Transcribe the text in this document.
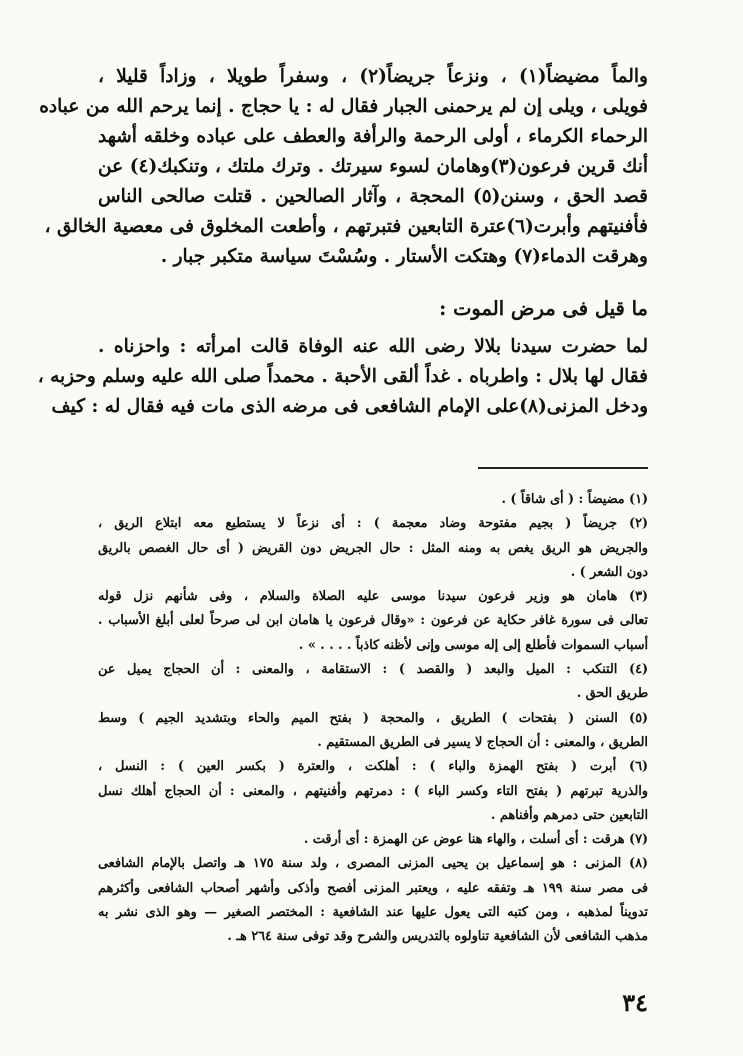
والماً مضيضاً(١) ، ونزعاً جريضاً(٢) ، وسفراً طويلا ، وزاداً قليلا ،
فويلى ، ويلى إن لم يرحمنى الجبار فقال له : يا حجاج . إنما يرحم الله من عباده
الرحماء الكرماء ، أولى الرحمة والرأفة والعطف على عباده وخلقه أشهد
أنك قرين فرعون(٣)وهامان لسوء سيرتك . وترك ملتك ، وتنكبك(٤) عن
قصد الحق ، وسنن(٥) المحجة ، وآثار الصالحين . قتلت صالحى الناس
فأفنيتهم وأبرت(٦)عترة التابعين فتبرتهم ، وأطعت المخلوق فى معصية الخالق ،
وهرقت الدماء(٧) وهتكت الأستار . وسُسْتَ سياسة متكبر جبار .
ما قيل فى مرض الموت :
لما حضرت سيدنا بلالا رضى الله عنه الوفاة قالت امرأته : واحزناه .
فقال لها بلال : واطرباه . غداً ألقى الأحبة . محمداً صلى الله عليه وسلم وحزبه ،
ودخل المزنى(٨)على الإمام الشافعى فى مرضه الذى مات فيه فقال له : كيف
(١) مضيضاً : ( أى شاقاً ) .
(٢) جريضاً ( بجيم مفتوحة وضاد معجمة ) : أى نزعاً لا يستطيع معه ابتلاع الريق ،
والجريض هو الريق يغص به ومنه المثل : حال الجريض دون القريض ( أى حال الغصص بالريق
دون الشعر ) .
(٣) هامان هو وزير فرعون سيدنا موسى عليه الصلاة والسلام ، وفى شأنهم نزل قوله
تعالى فى سورة غافر حكاية عن فرعون : «وقال فرعون يا هامان ابن لى صرحاً لعلى أبلغ الأسباب .
أسباب السموات فأطلع إلى إله موسى وإنى لأظنه كاذباً . . . . » .
(٤) التنكب : الميل والبعد ( والقصد ) : الاستقامة ، والمعنى : أن الحجاج يميل عن
طريق الحق .
(٥) السنن ( بفتحات ) الطريق ، والمحجة ( بفتح الميم والحاء وبتشديد الجيم ) وسط
الطريق ، والمعنى : أن الحجاج لا يسير فى الطريق المستقيم .
(٦) أبرت ( بفتح الهمزة والباء ) : أهلكت ، والعترة ( بكسر العين ) : النسل ،
والذرية تبرتهم ( بفتح التاء وكسر الباء ) : دمرتهم وأفنيتهم ، والمعنى : أن الحجاج أهلك نسل
التابعين حتى دمرهم وأفناهم .
(٧) هرقت : أى أسلت ، والهاء هنا عوض عن الهمزة : أى أرقت .
(٨) المزنى : هو إسماعيل بن يحيى المزنى المصرى ، ولد سنة ١٧٥ هـ واتصل بالإمام الشافعى
فى مصر سنة ١٩٩ هـ وتفقه عليه ، ويعتبر المزنى أفصح وأذكى وأشهر أصحاب الشافعى وأكثرهم
تدويناً لمذهبه ، ومن كتبه التى يعول عليها عند الشافعية : المختصر الصغير — وهو الذى نشر به
مذهب الشافعى لأن الشافعية تناولوه بالتدريس والشرح وقد توفى سنة ٢٦٤ هـ .
٣٤
